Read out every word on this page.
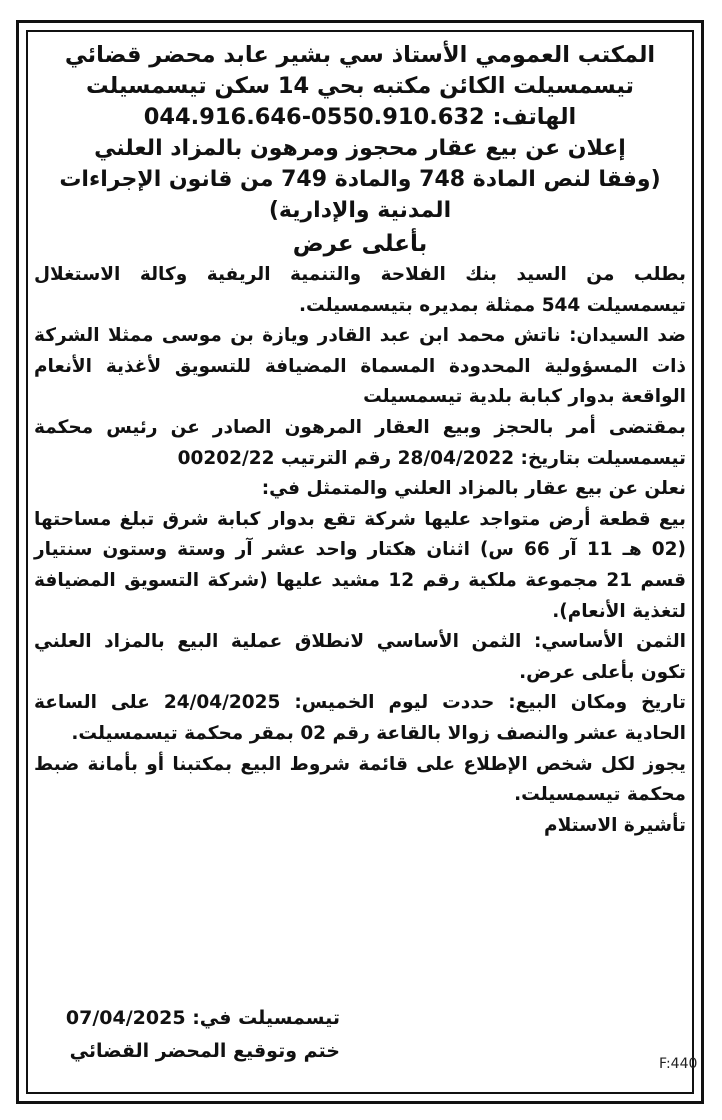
المكتب العمومي الأستاذ سي بشير عابد محضر قضائي

تيسمسيلت الكائن مكتبه بحي 14 سكن تيسمسيلت

الهاتف: 044.916.646-0550.910.632

إعلان عن بيع عقار محجوز ومرهون بالمزاد العلني

(وفقا لنص المادة 748 والمادة 749 من قانون الإجراءات

المدنية والإدارية)

بأعلى عرض

بطلب من السيد بنك الفلاحة والتنمية الريفية وكالة الاستغلال تيسمسيلت 544 ممثلة بمديره بتيسمسيلت.

ضد السيدان: ناتش محمد ابن عبد القادر ويازة بن موسى ممثلا الشركة ذات المسؤولية المحدودة المسماة المضيافة للتسويق لأغذية الأنعام الواقعة بدوار كبابة بلدية تيسمسيلت

بمقتضى أمر بالحجز وبيع العقار المرهون الصادر عن رئيس محكمة تيسمسيلت بتاريخ: 28/04/2022 رقم الترتيب 00202/22

نعلن عن بيع عقار بالمزاد العلني والمتمثل في:

بيع قطعة أرض متواجد عليها شركة تقع بدوار كبابة شرق تبلغ مساحتها (02 هـ 11 آر 66 س) اثنان هكتار واحد عشر آر وستة وستون سنتيار قسم 21 مجموعة ملكية رقم 12 مشيد عليها (شركة التسويق المضيافة لتغذية الأنعام).

الثمن الأساسي: الثمن الأساسي لانطلاق عملية البيع بالمزاد العلني تكون بأعلى عرض.

تاريخ ومكان البيع: حددت ليوم الخميس: 24/04/2025 على الساعة الحادية عشر والنصف زوالا بالقاعة رقم 02 بمقر محكمة تيسمسيلت.

يجوز لكل شخص الإطلاع على قائمة شروط البيع بمكتبنا أو بأمانة ضبط محكمة تيسمسيلت.

تأشيرة الاستلام

تيسمسيلت في: 07/04/2025

ختم وتوقيع المحضر القضائي

F:440
